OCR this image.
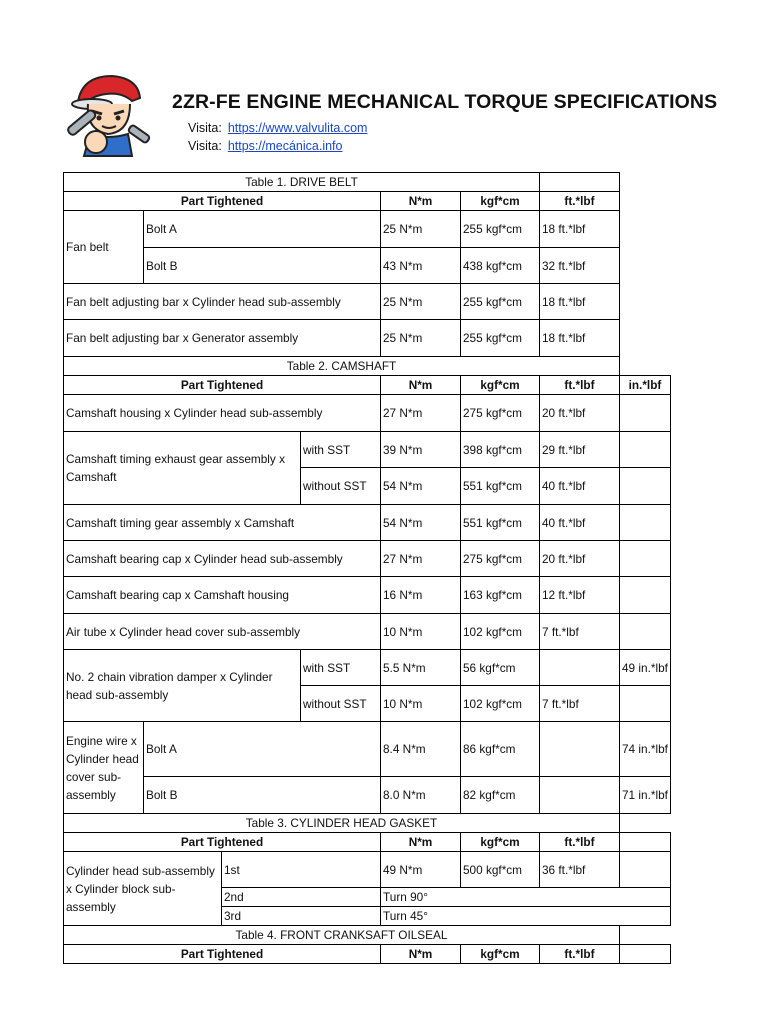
2ZR-FE ENGINE MECHANICAL TORQUE SPECIFICATIONS
Visita: https://www.valvulita.com
Visita: https://mecánica.info
Table 1. DRIVE BELT							
Part Tightened				N*m	kgf*cm	ft.*lbf	
Fan belt	Bolt A			25 N*m	255 kgf*cm	18 ft.*lbf	
	Bolt B			43 N*m	438 kgf*cm	32 ft.*lbf	
Fan belt adjusting bar x Cylinder head sub-assembly				25 N*m	255 kgf*cm	18 ft.*lbf	
Fan belt adjusting bar x Generator assembly				25 N*m	255 kgf*cm	18 ft.*lbf	
Table 2. CAMSHAFT							
Part Tightened				N*m	kgf*cm	ft.*lbf	in.*lbf
Camshaft housing x Cylinder head sub-assembly				27 N*m	275 kgf*cm	20 ft.*lbf	
Camshaft timing exhaust gear assembly x Camshaft			with SST	39 N*m	398 kgf*cm	29 ft.*lbf	
			without SST	54 N*m	551 kgf*cm	40 ft.*lbf	
Camshaft timing gear assembly x Camshaft				54 N*m	551 kgf*cm	40 ft.*lbf	
Camshaft bearing cap x Cylinder head sub-assembly				27 N*m	275 kgf*cm	20 ft.*lbf	
Camshaft bearing cap x Camshaft housing				16 N*m	163 kgf*cm	12 ft.*lbf	
Air tube x Cylinder head cover sub-assembly				10 N*m	102 kgf*cm	7 ft.*lbf	
No. 2 chain vibration damper x Cylinder head sub-assembly			with SST	5.5 N*m	56 kgf*cm		49 in.*lbf
			without SST	10 N*m	102 kgf*cm	7 ft.*lbf	
Engine wire x Cylinder head cover sub-assembly	Bolt A			8.4 N*m	86 kgf*cm		74 in.*lbf
	Bolt B			8.0 N*m	82 kgf*cm		71 in.*lbf
Table 3. CYLINDER HEAD GASKET							
Part Tightened				N*m	kgf*cm	ft.*lbf	
Cylinder head sub-assembly x Cylinder block sub-assembly		1st		49 N*m	500 kgf*cm	36 ft.*lbf	
		2nd		Turn 90°			
		3rd		Turn 45°			
Table 4. FRONT CRANKSAFT OILSEAL							
Part Tightened				N*m	kgf*cm	ft.*lbf	
